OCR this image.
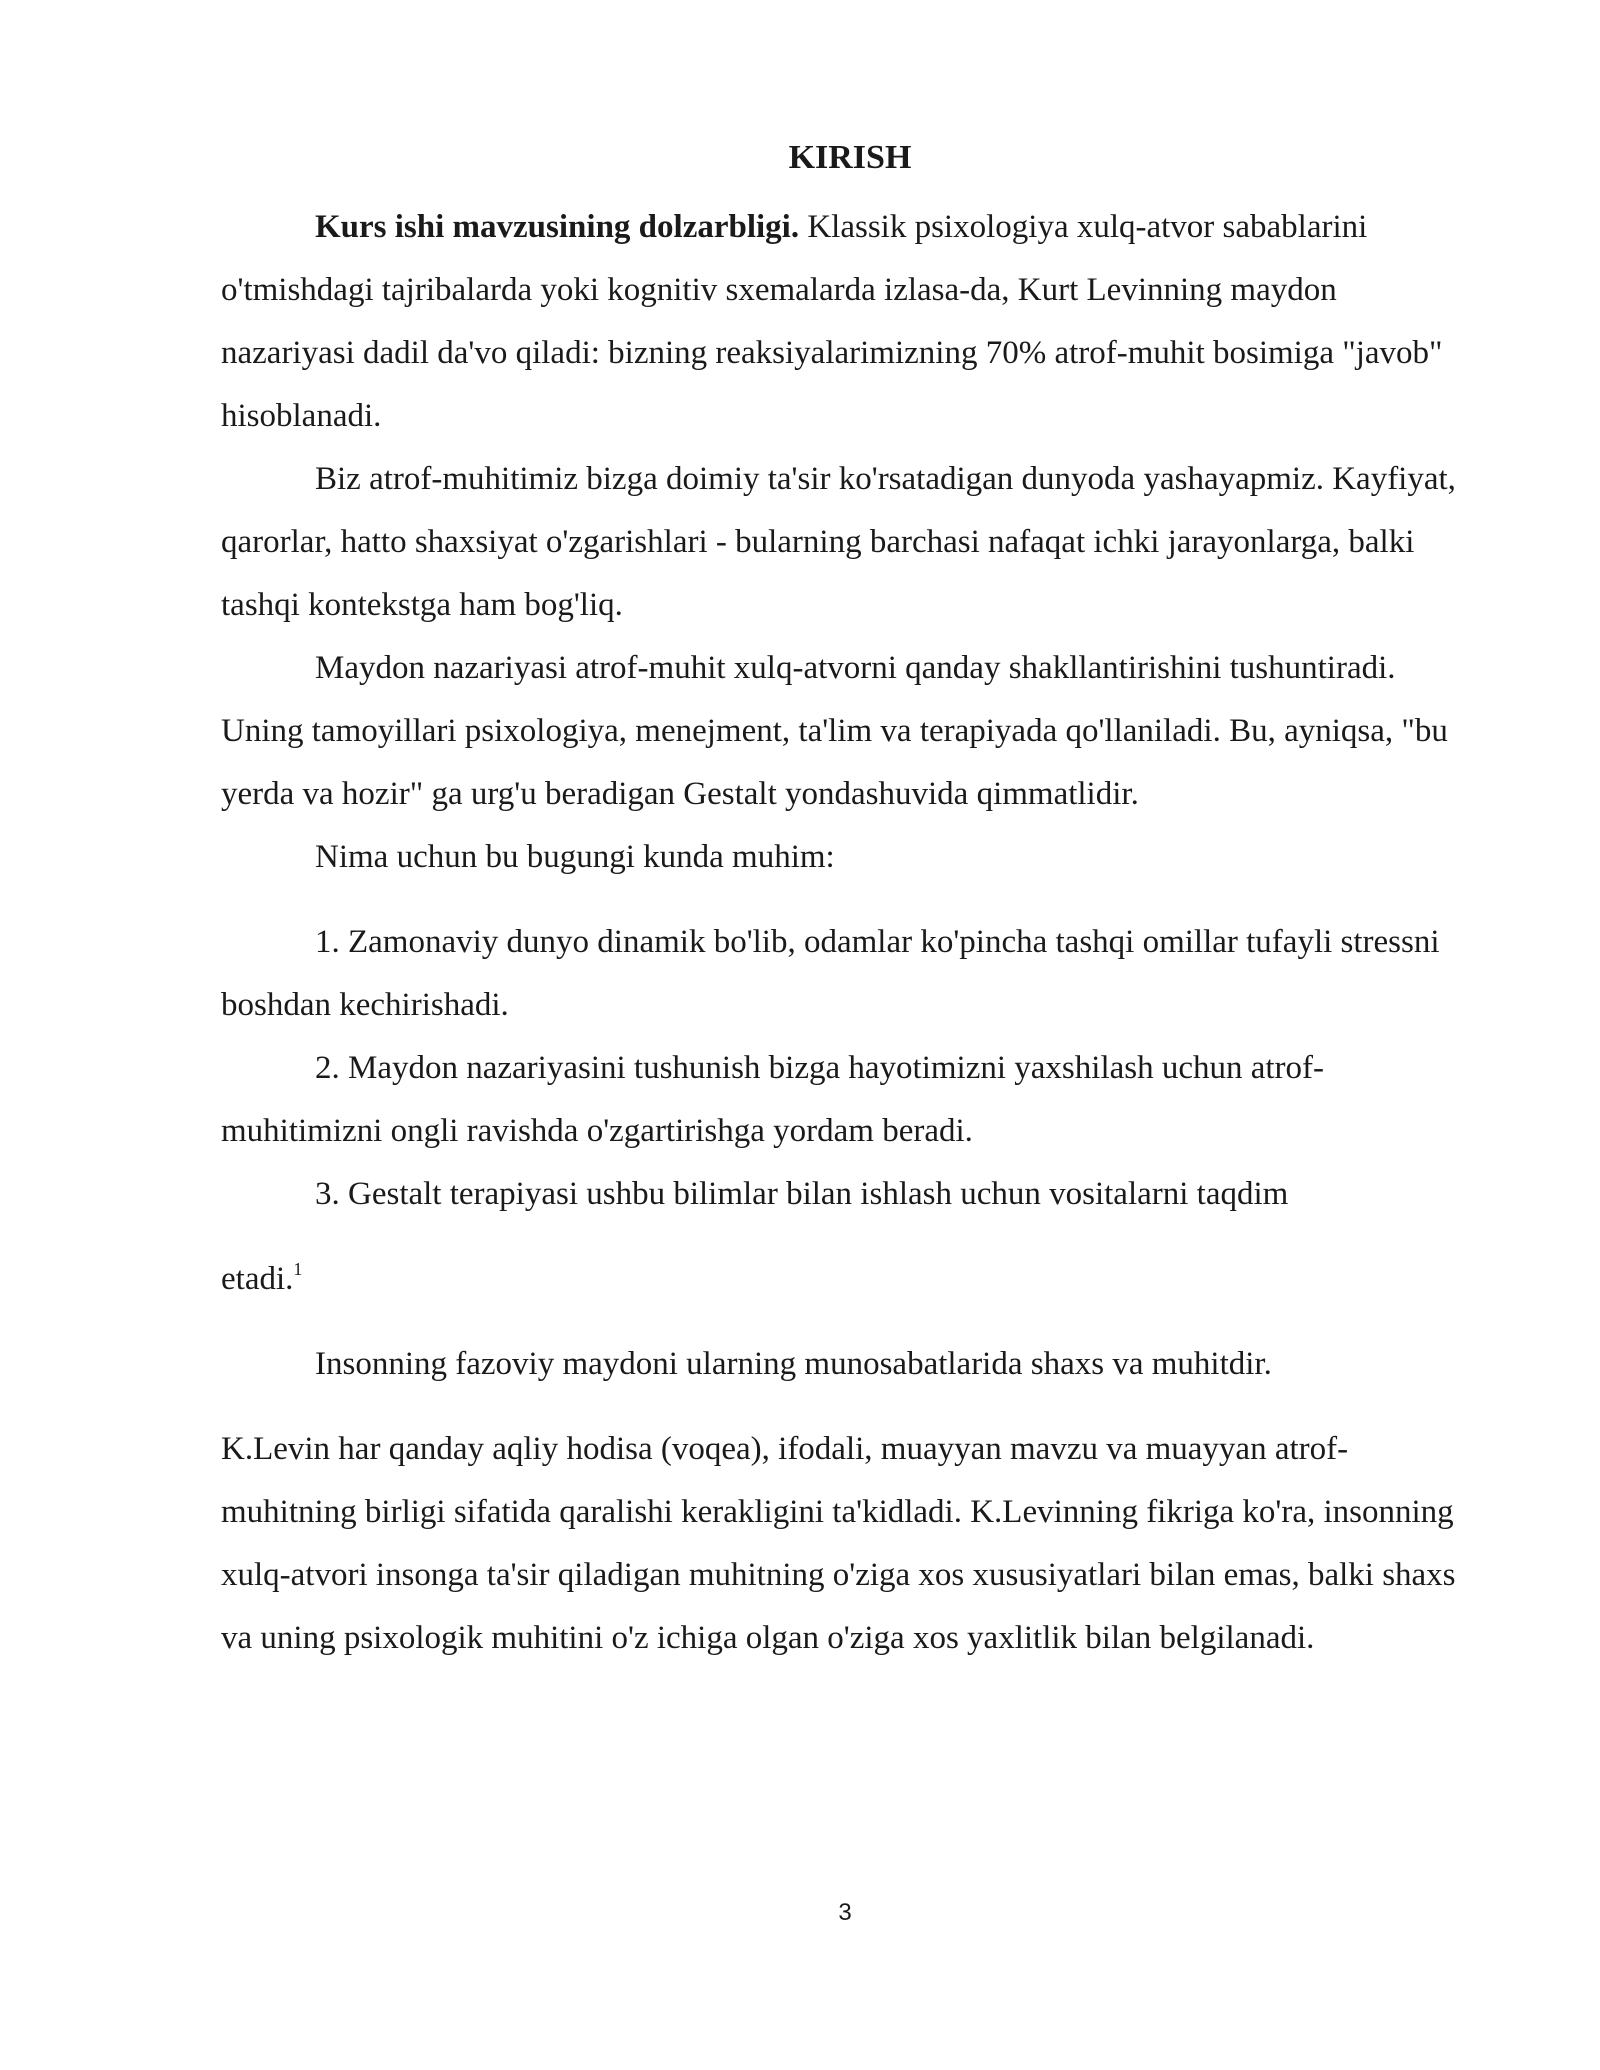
KIRISH

Kurs ishi mavzusining dolzarbligi. Klassik psixologiya xulq-atvor sabablarini o'tmishdagi tajribalarda yoki kognitiv sxemalarda izlasa-da, Kurt Levinning maydon nazariyasi dadil da'vo qiladi: bizning reaksiyalarimizning 70% atrof-muhit bosimiga "javob" hisoblanadi.

Biz atrof-muhitimiz bizga doimiy ta'sir ko'rsatadigan dunyoda yashayapmiz. Kayfiyat, qarorlar, hatto shaxsiyat o'zgarishlari - bularning barchasi nafaqat ichki jarayonlarga, balki tashqi kontekstga ham bog'liq.

Maydon nazariyasi atrof-muhit xulq-atvorni qanday shakllantirishini tushuntiradi. Uning tamoyillari psixologiya, menejment, ta'lim va terapiyada qo'llaniladi. Bu, ayniqsa, "bu yerda va hozir" ga urg'u beradigan Gestalt yondashuvida qimmatlidir.

Nima uchun bu bugungi kunda muhim:

1. Zamonaviy dunyo dinamik bo'lib, odamlar ko'pincha tashqi omillar tufayli stressni boshdan kechirishadi.

2. Maydon nazariyasini tushunish bizga hayotimizni yaxshilash uchun atrof-muhitimizni ongli ravishda o'zgartirishga yordam beradi.

3. Gestalt terapiyasi ushbu bilimlar bilan ishlash uchun vositalarni taqdim

etadi.$^1$

Insonning fazoviy maydoni ularning munosabatlarida shaxs va muhitdir.

K.Levin har qanday aqliy hodisa (voqea), ifodali, muayyan mavzu va muayyan atrof-muhitning birligi sifatida qaralishi kerakligini ta'kidladi. K.Levinning fikriga ko'ra, insonning xulq-atvori insonga ta'sir qiladigan muhitning o'ziga xos xususiyatlari bilan emas, balki shaxs va uning psixologik muhitini o'z ichiga olgan o'ziga xos yaxlitlik bilan belgilanadi.

3
